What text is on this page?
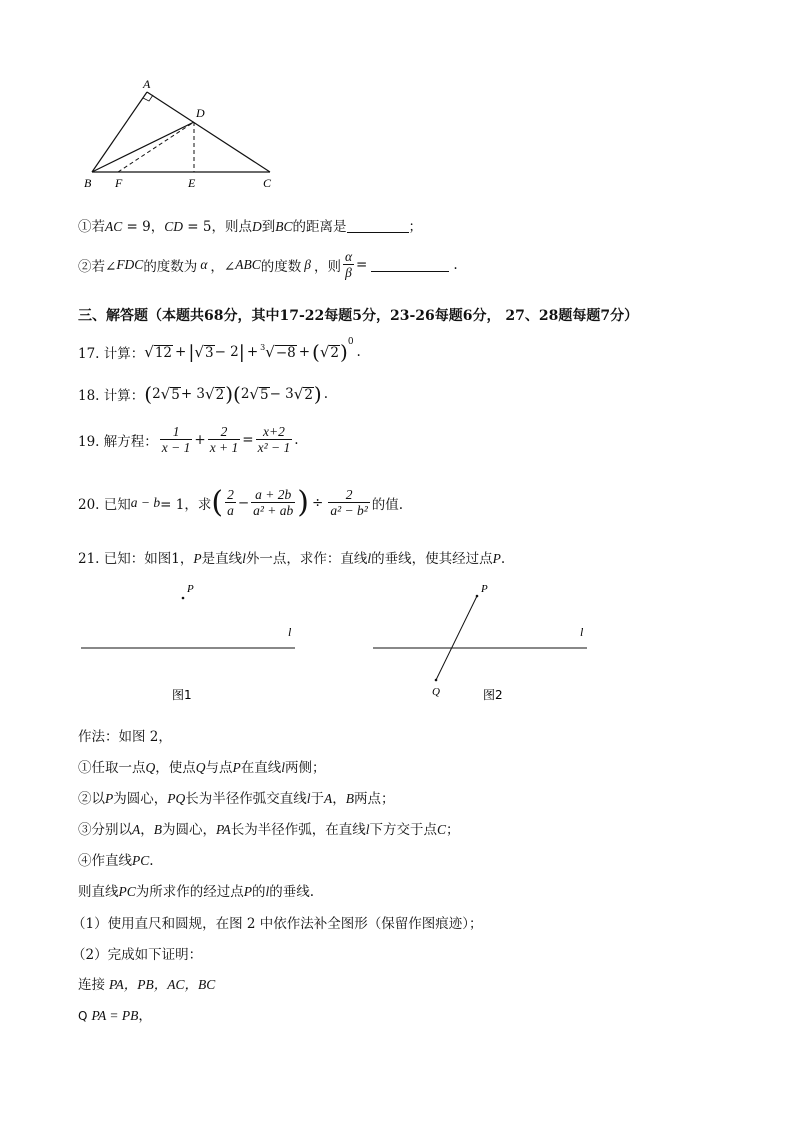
A
D
B F	E	C
①若AC = 9，CD = 5，则点D到BC的距离是	；
②若∠ FDC 的度数为 α ，∠ ABC 的度数 β ，则 $\frac{\alpha}{\beta}$ =	.
三、解答题（本题共68分，其中17-22每题5分，23-26每题6分， 27、28题每题7分）
17. 计算： √ 12 + | √ 3 − 2 | + 3 √ −8 + ( √ 2 ) 0
.
18. 计算： ( 2 √ 5 + 3 √ 2 ) ( 2 √ 5 − 3 √ 2 ) .
19. 解方程： $\frac{1}{x - 1} + \frac{2}{x + 1} = \frac{x+2}{\text{x² − 1}}$ .
20. 已知 a − b = 1，求 ( $\frac{2}{a} - \frac{a + 2b}{\text{a² + ab}}$ ) ÷ $\frac{2}{\text{a² − b²}}$ 的值.
21. 已知：如图1，P是直线l外一点，求作：直线l的垂线，使其经过点P.
P
l
图1
P
l
Q	图2
作法：如图 2，
①任取一点Q，使点Q与点P在直线l两侧；
②以P为圆心，PQ长为半径作弧交直线l于A，B两点；
③分别以A，B为圆心，PA长为半径作弧，在直线l下方交于点C；
④作直线PC.
则直线PC为所求作的经过点P的l的垂线.
（1）使用直尺和圆规，在图 2 中依作法补全图形（保留作图痕迹）；
（2）完成如下证明：
连接 PA，PB，AC，BC
Q PA = PB，
